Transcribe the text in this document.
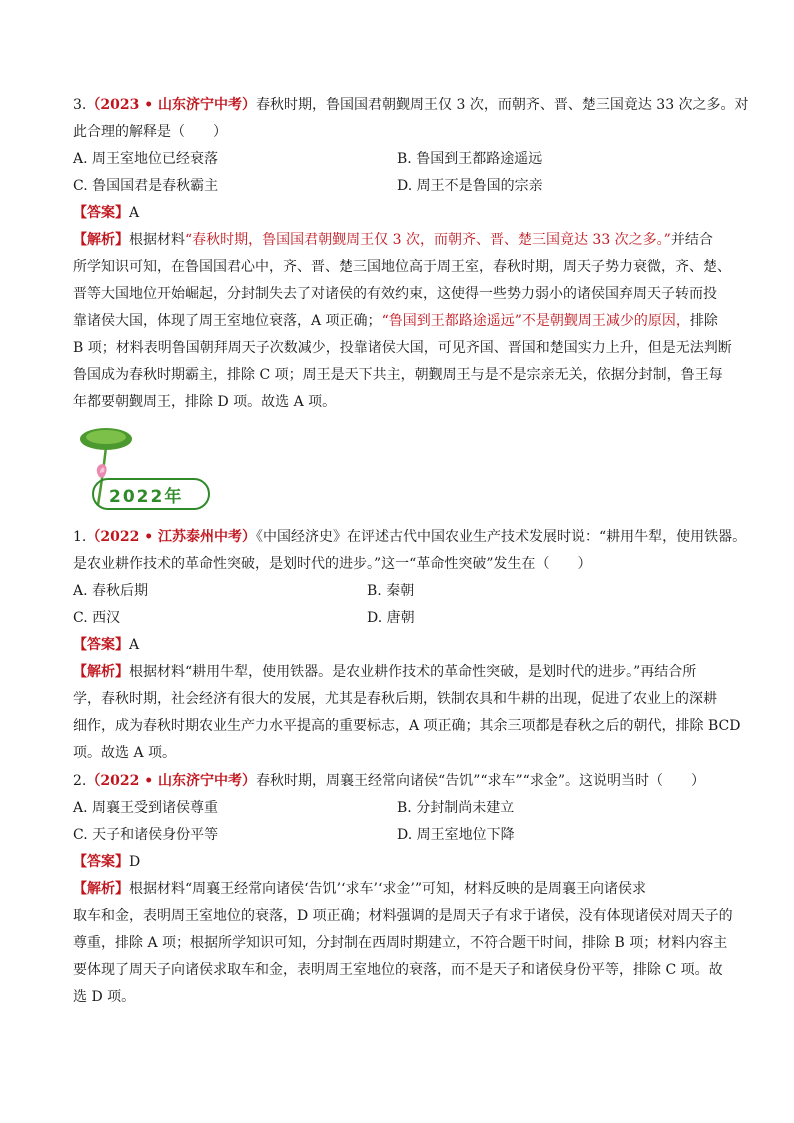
3.（2023 • 山东济宁中考）春秋时期，鲁国国君朝觐周王仅 3 次，而朝齐、晋、楚三国竟达 33 次之多。对
此合理的解释是（　　）
A. 周王室地位已经衰落	B. 鲁国到王都路途遥远
C. 鲁国国君是春秋霸主	D. 周王不是鲁国的宗亲
【答案】A
【解析】根据材料“春秋时期，鲁国国君朝觐周王仅 3 次，而朝齐、晋、楚三国竟达 33 次之多。”并结合
所学知识可知，在鲁国国君心中，齐、晋、楚三国地位高于周王室，春秋时期，周天子势力衰微，齐、楚、
晋等大国地位开始崛起，分封制失去了对诸侯的有效约束，这使得一些势力弱小的诸侯国弃周天子转而投
靠诸侯大国，体现了周王室地位衰落，A 项正确；“鲁国到王都路途遥远”不是朝觐周王减少的原因，排除
B 项；材料表明鲁国朝拜周天子次数减少，投靠诸侯大国，可见齐国、晋国和楚国实力上升，但是无法判断
鲁国成为春秋时期霸主，排除 C 项；周王是天下共主，朝觐周王与是不是宗亲无关，依据分封制，鲁王每
年都要朝觐周王，排除 D 项。故选 A 项。
2022年
1.（2022 • 江苏泰州中考）《中国经济史》在评述古代中国农业生产技术发展时说：“耕用牛犁，使用铁器。
是农业耕作技术的革命性突破，是划时代的进步。”这一“革命性突破”发生在（　　）
A. 春秋后期	B. 秦朝
C. 西汉	D. 唐朝
【答案】A
【解析】根据材料“耕用牛犁，使用铁器。是农业耕作技术的革命性突破，是划时代的进步。”再结合所
学，春秋时期，社会经济有很大的发展，尤其是春秋后期，铁制农具和牛耕的出现，促进了农业上的深耕
细作，成为春秋时期农业生产力水平提高的重要标志，A 项正确；其余三项都是春秋之后的朝代，排除 BCD
项。故选 A 项。
2.（2022 • 山东济宁中考）春秋时期，周襄王经常向诸侯“告饥”“求车”“求金”。这说明当时（　　）
A. 周襄王受到诸侯尊重	B. 分封制尚未建立
C. 天子和诸侯身份平等	D. 周王室地位下降
【答案】D
【解析】根据材料“周襄王经常向诸侯‘告饥’‘求车’‘求金’”可知，材料反映的是周襄王向诸侯求
取车和金，表明周王室地位的衰落，D 项正确；材料强调的是周天子有求于诸侯，没有体现诸侯对周天子的
尊重，排除 A 项；根据所学知识可知，分封制在西周时期建立，不符合题干时间，排除 B 项；材料内容主
要体现了周天子向诸侯求取车和金，表明周王室地位的衰落，而不是天子和诸侯身份平等，排除 C 项。故
选 D 项。
